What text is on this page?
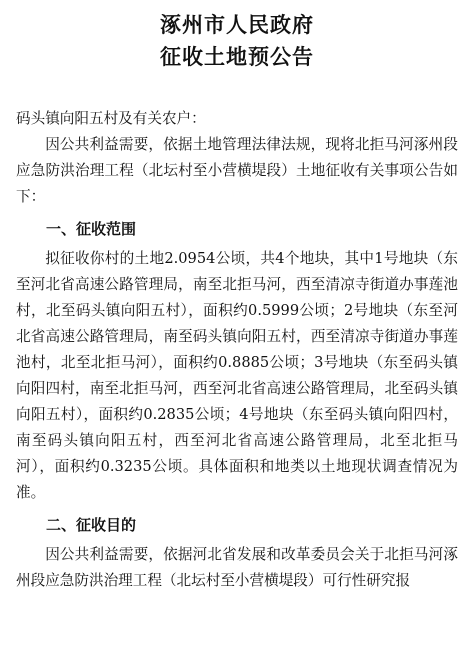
涿州市人民政府
征收土地预公告
码头镇向阳五村及有关农户：

因公共利益需要，依据土地管理法律法规，现将北拒马河涿州段应急防洪治理工程（北坛村至小营横堤段）土地征收有关事项公告如下：

一、征收范围

拟征收你村的土地2.0954公顷，共4个地块，其中1号地块（东至河北省高速公路管理局，南至北拒马河，西至清凉寺街道办事莲池村，北至码头镇向阳五村），面积约0.5999公顷；2号地块（东至河北省高速公路管理局，南至码头镇向阳五村，西至清凉寺街道办事莲池村，北至北拒马河），面积约0.8885公顷；3号地块（东至码头镇向阳四村，南至北拒马河，西至河北省高速公路管理局，北至码头镇向阳五村），面积约0.2835公顷；4号地块（东至码头镇向阳四村，南至码头镇向阳五村，西至河北省高速公路管理局，北至北拒马河），面积约0.3235公顷。具体面积和地类以土地现状调查情况为准。

二、征收目的

因公共利益需要，依据河北省发展和改革委员会关于北拒马河涿州段应急防洪治理工程（北坛村至小营横堤段）可行性研究报
